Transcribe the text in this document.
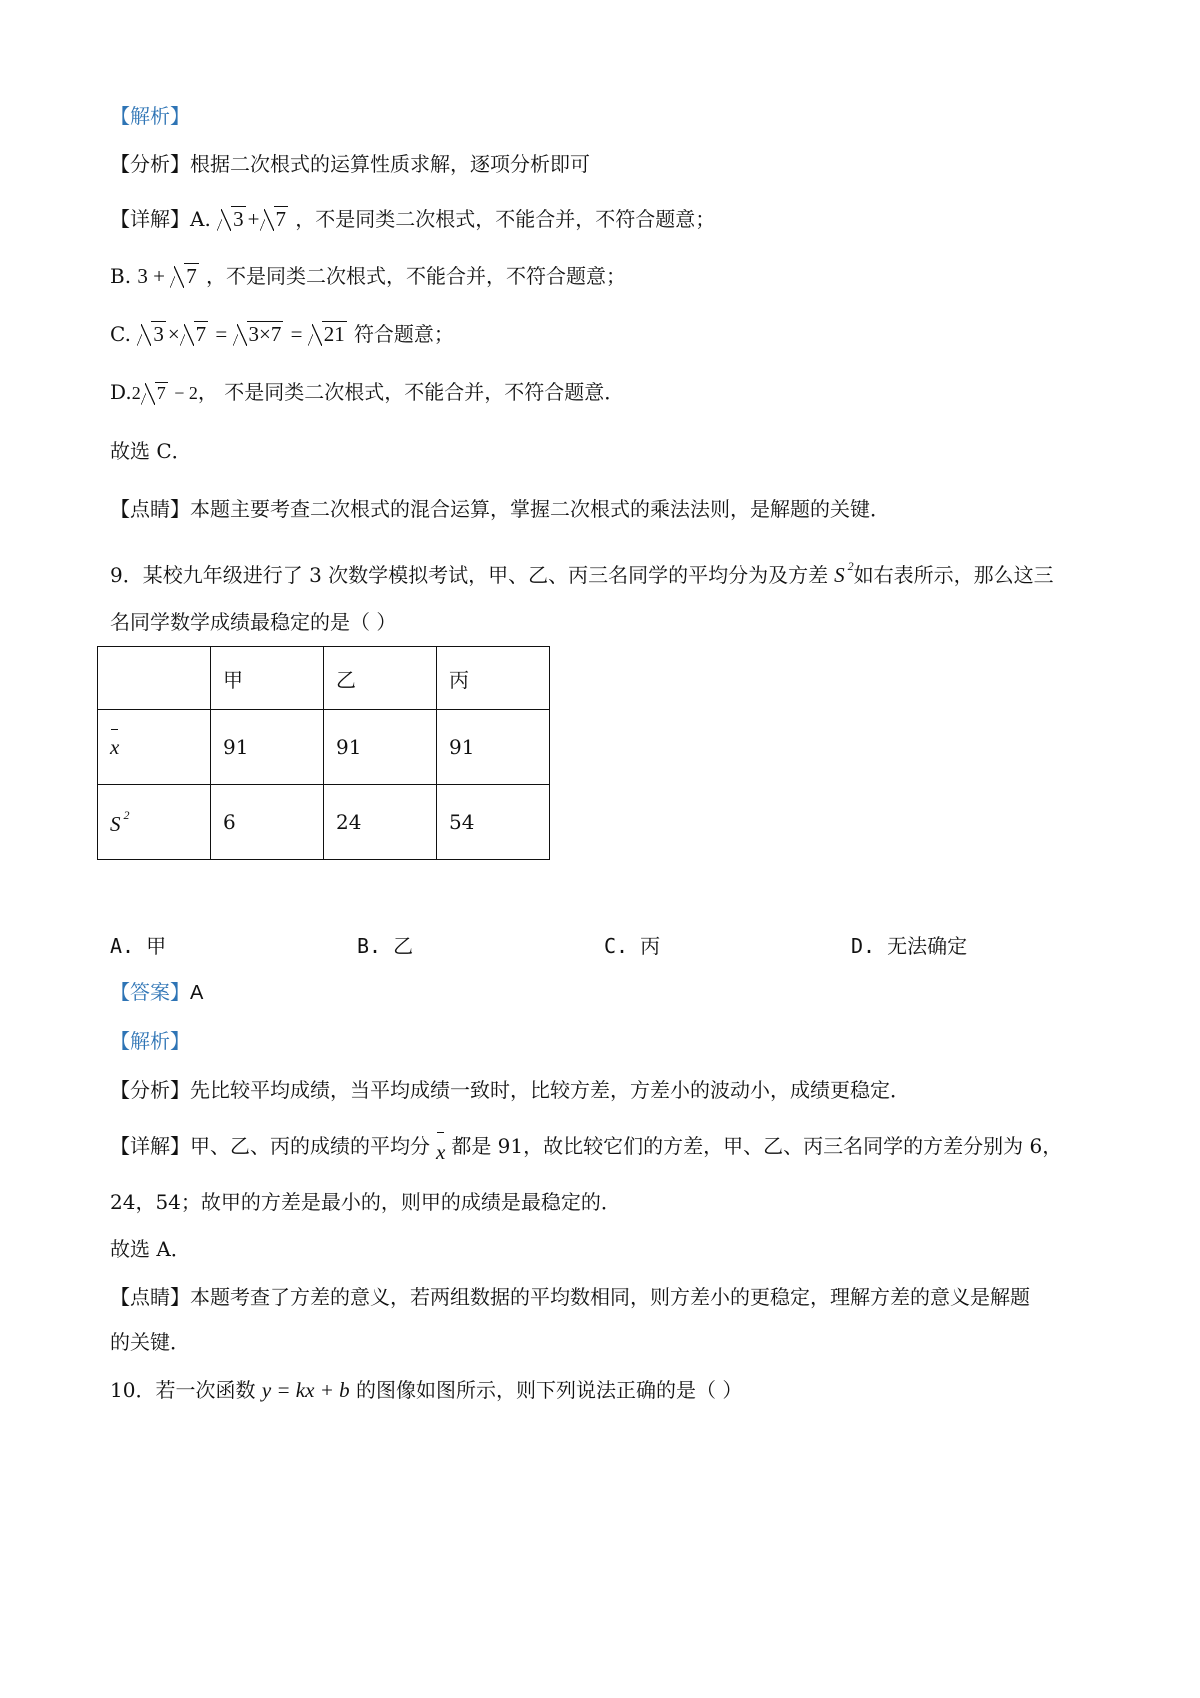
【解析】
【分析】根据二次根式的运算性质求解，逐项分析即可
【详解】A. 3 + 7 ，不是同类二次根式，不能合并，不符合题意；
B. 3 + 7 ，不是同类二次根式，不能合并，不符合题意；
C. 3 × 7 = 3×7 = 21 符合题意；
D.2 7 − 2， 不是同类二次根式，不能合并，不符合题意．
故选 C．
【点睛】本题主要考查二次根式的混合运算，掌握二次根式的乘法法则，是解题的关键．
9．某校九年级进行了 3 次数学模拟考试，甲、乙、丙三名同学的平均分为及方差 S $^2$如右表所示，那么这三
名同学数学成绩最稳定的是（ ）
	甲	乙	丙
x	91	91	91
S $^2$	6	24	54
A. 甲	B. 乙	C. 丙	D. 无法确定
【答案】A
【解析】
【分析】先比较平均成绩，当平均成绩一致时，比较方差，方差小的波动小，成绩更稳定．
【详解】甲、乙、丙的成绩的平均分 x 都是 91，故比较它们的方差，甲、乙、丙三名同学的方差分别为 6，
24，54；故甲的方差是最小的，则甲的成绩是最稳定的．
故选 A．
【点睛】本题考查了方差的意义，若两组数据的平均数相同，则方差小的更稳定，理解方差的意义是解题
的关键．
10．若一次函数 y = kx + b 的图像如图所示，则下列说法正确的是（ ）
